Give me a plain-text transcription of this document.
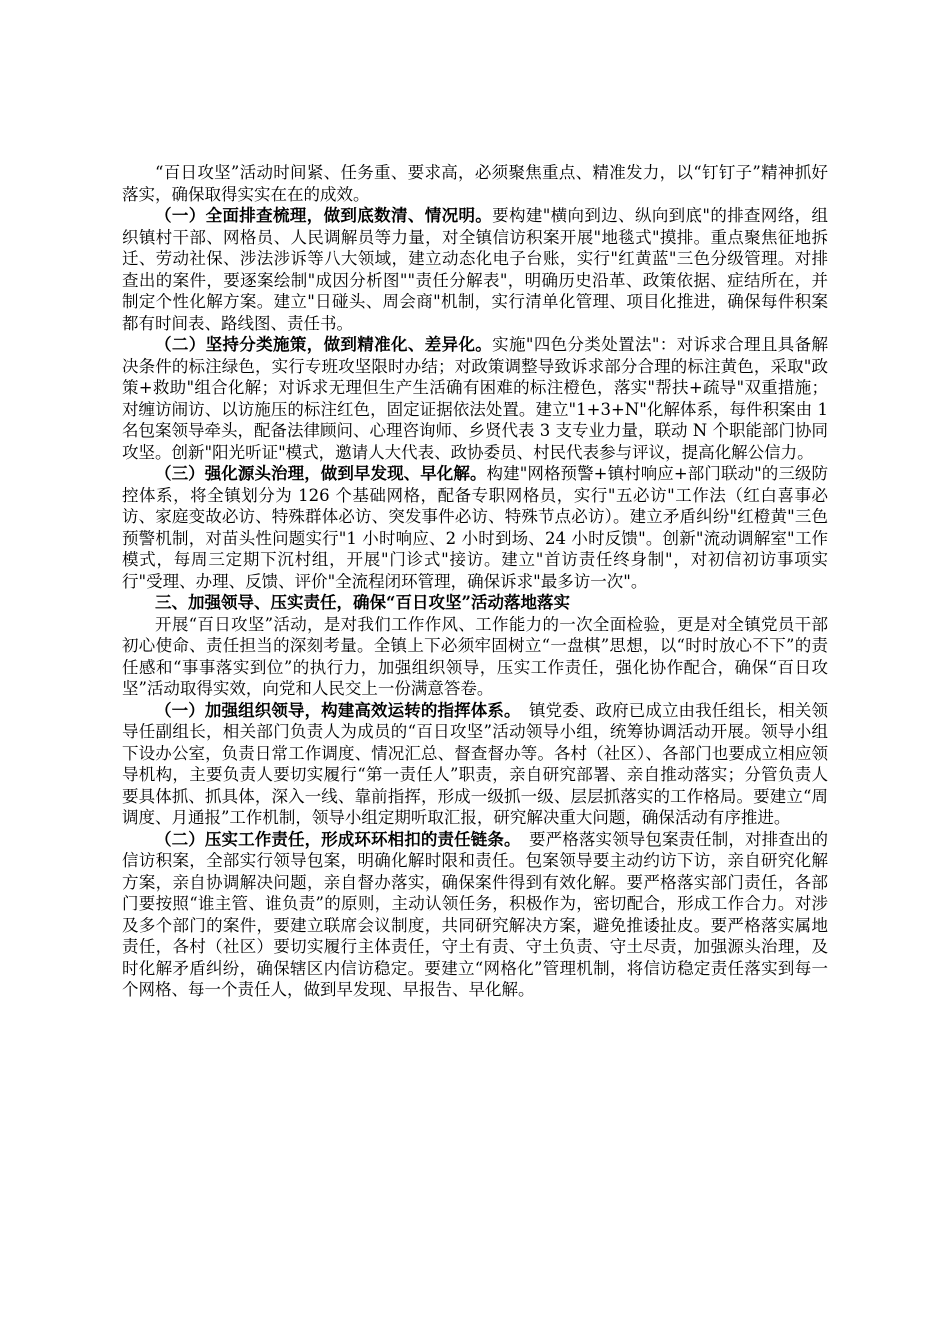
“百日攻坚”活动时间紧、任务重、要求高，必须聚焦重点、精准发力，以“钉钉子”精神抓好落实，确保取得实实在在的成效。

（一）全面排查梳理，做到底数清、情况明。要构建"横向到边、纵向到底"的排查网络，组织镇村干部、网格员、人民调解员等力量，对全镇信访积案开展"地毯式"摸排。重点聚焦征地拆迁、劳动社保、涉法涉诉等八大领域，建立动态化电子台账，实行"红黄蓝"三色分级管理。对排查出的案件，要逐案绘制"成因分析图""责任分解表"，明确历史沿革、政策依据、症结所在，并制定个性化解方案。建立"日碰头、周会商"机制，实行清单化管理、项目化推进，确保每件积案都有时间表、路线图、责任书。

（二）坚持分类施策，做到精准化、差异化。实施"四色分类处置法"：对诉求合理且具备解决条件的标注绿色，实行专班攻坚限时办结；对政策调整导致诉求部分合理的标注黄色，采取"政策+救助"组合化解；对诉求无理但生产生活确有困难的标注橙色，落实"帮扶+疏导"双重措施；对缠访闹访、以访施压的标注红色，固定证据依法处置。建立"1+3+N"化解体系，每件积案由 1 名包案领导牵头，配备法律顾问、心理咨询师、乡贤代表 3 支专业力量，联动 N 个职能部门协同攻坚。创新"阳光听证"模式，邀请人大代表、政协委员、村民代表参与评议，提高化解公信力。

（三）强化源头治理，做到早发现、早化解。构建"网格预警+镇村响应+部门联动"的三级防控体系，将全镇划分为 126 个基础网格，配备专职网格员，实行"五必访"工作法（红白喜事必访、家庭变故必访、特殊群体必访、突发事件必访、特殊节点必访）。建立矛盾纠纷"红橙黄"三色预警机制，对苗头性问题实行"1 小时响应、2 小时到场、24 小时反馈"。创新"流动调解室"工作模式，每周三定期下沉村组，开展"门诊式"接访。建立"首访责任终身制"，对初信初访事项实行"受理、办理、反馈、评价"全流程闭环管理，确保诉求"最多访一次"。

三、加强领导、压实责任，确保“百日攻坚”活动落地落实

开展“百日攻坚”活动，是对我们工作作风、工作能力的一次全面检验，更是对全镇党员干部初心使命、责任担当的深刻考量。全镇上下必须牢固树立“一盘棋”思想，以“时时放心不下”的责任感和“事事落实到位”的执行力，加强组织领导，压实工作责任，强化协作配合，确保“百日攻坚”活动取得实效，向党和人民交上一份满意答卷。

（一）加强组织领导，构建高效运转的指挥体系。　镇党委、政府已成立由我任组长，相关领导任副组长，相关部门负责人为成员的“百日攻坚”活动领导小组，统筹协调活动开展。领导小组下设办公室，负责日常工作调度、情况汇总、督查督办等。各村（社区）、各部门也要成立相应领导机构，主要负责人要切实履行“第一责任人”职责，亲自研究部署、亲自推动落实；分管负责人要具体抓、抓具体，深入一线、靠前指挥，形成一级抓一级、层层抓落实的工作格局。要建立“周调度、月通报”工作机制，领导小组定期听取汇报，研究解决重大问题，确保活动有序推进。

（二）压实工作责任，形成环环相扣的责任链条。　要严格落实领导包案责任制，对排查出的信访积案，全部实行领导包案，明确化解时限和责任。包案领导要主动约访下访，亲自研究化解方案，亲自协调解决问题，亲自督办落实，确保案件得到有效化解。要严格落实部门责任，各部门要按照“谁主管、谁负责”的原则，主动认领任务，积极作为，密切配合，形成工作合力。对涉及多个部门的案件，要建立联席会议制度，共同研究解决方案，避免推诿扯皮。要严格落实属地责任，各村（社区）要切实履行主体责任，守土有责、守土负责、守土尽责，加强源头治理，及时化解矛盾纠纷，确保辖区内信访稳定。要建立“网格化”管理机制，将信访稳定责任落实到每一个网格、每一个责任人，做到早发现、早报告、早化解。
